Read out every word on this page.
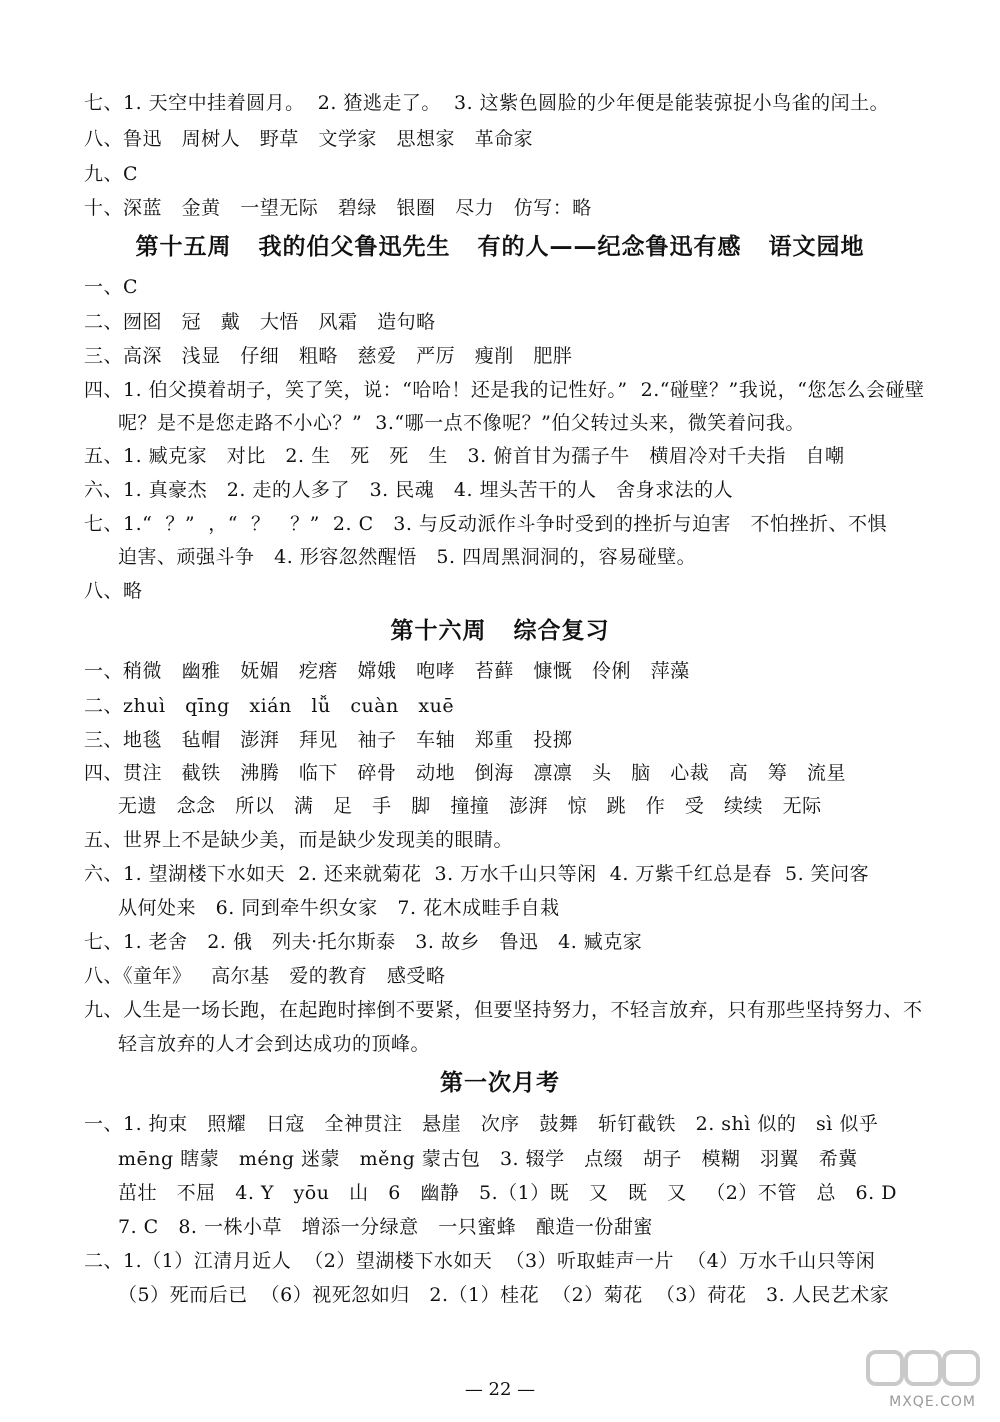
七、1. 天空中挂着圆月。  2. 猹逃走了。  3. 这紫色圆脸的少年便是能装弶捉小鸟雀的闰土。
八、鲁迅   周树人   野草   文学家   思想家   革命家
九、C
十、深蓝   金黄   一望无际   碧绿   银圈   尽力   仿写：略
第十五周   我的伯父鲁迅先生   有的人——纪念鲁迅有感   语文园地
一、C
二、囫囵   冠   戴   大悟   风霜   造句略
三、高深   浅显   仔细   粗略   慈爱   严厉   瘦削   肥胖
四、1. 伯父摸着胡子，笑了笑，说：“哈哈！还是我的记性好。”  2.“碰壁？”我说，“您怎么会碰壁
呢？是不是您走路不小心？”  3.“哪一点不像呢？”伯父转过头来，微笑着问我。
五、1. 臧克家   对比   2. 生   死   死   生   3. 俯首甘为孺子牛   横眉冷对千夫指   自嘲
六、1. 真豪杰   2. 走的人多了   3. 民魂   4. 埋头苦干的人   舍身求法的人
七、1.“  ？”  ，“  ？   ？”  2. C   3. 与反动派作斗争时受到的挫折与迫害   不怕挫折、不惧
迫害、顽强斗争   4. 形容忽然醒悟   5. 四周黑洞洞的，容易碰壁。
八、略
第十六周   综合复习
一、稍微   幽雅   妩媚   疙瘩   嫦娥   咆哮   苔藓   慷慨   伶俐   萍藻
二、zhuì   qīng   xián   lǚ   cuàn   xuē
三、地毯   毡帽   澎湃   拜见   袖子   车轴   郑重   投掷
四、贯注   截铁   沸腾   临下   碎骨   动地   倒海   凛凛   头   脑   心裁   高   筹   流星
无遗   念念   所以   满   足   手   脚   撞撞   澎湃   惊   跳   作   受   续续   无际
五、世界上不是缺少美，而是缺少发现美的眼睛。
六、1. 望湖楼下水如天  2. 还来就菊花  3. 万水千山只等闲  4. 万紫千红总是春  5. 笑问客
从何处来   6. 同到牵牛织女家   7. 花木成畦手自栽
七、1. 老舍   2. 俄   列夫·托尔斯泰   3. 故乡   鲁迅   4. 臧克家
八、《童年》   高尔基   爱的教育   感受略
九、人生是一场长跑，在起跑时摔倒不要紧，但要坚持努力，不轻言放弃，只有那些坚持努力、不
轻言放弃的人才会到达成功的顶峰。
第一次月考
一、1. 拘束   照耀   日寇   全神贯注   悬崖   次序   鼓舞   斩钉截铁   2. shì 似的   sì 似乎
mēng 瞎蒙   méng 迷蒙   měng 蒙古包   3. 辍学   点缀   胡子   模糊   羽翼   希冀
茁壮   不屈   4. Y   yōu   山   6   幽静   5.（1）既   又   既   又   （2）不管   总   6. D
7. C   8. 一株小草   增添一分绿意   一只蜜蜂   酿造一份甜蜜
二、1.（1）江清月近人  （2）望湖楼下水如天  （3）听取蛙声一片  （4）万水千山只等闲
（5）死而后已  （6）视死忽如归   2.（1）桂花  （2）菊花  （3）荷花   3. 人民艺术家
— 22 —
MXQE.COM
